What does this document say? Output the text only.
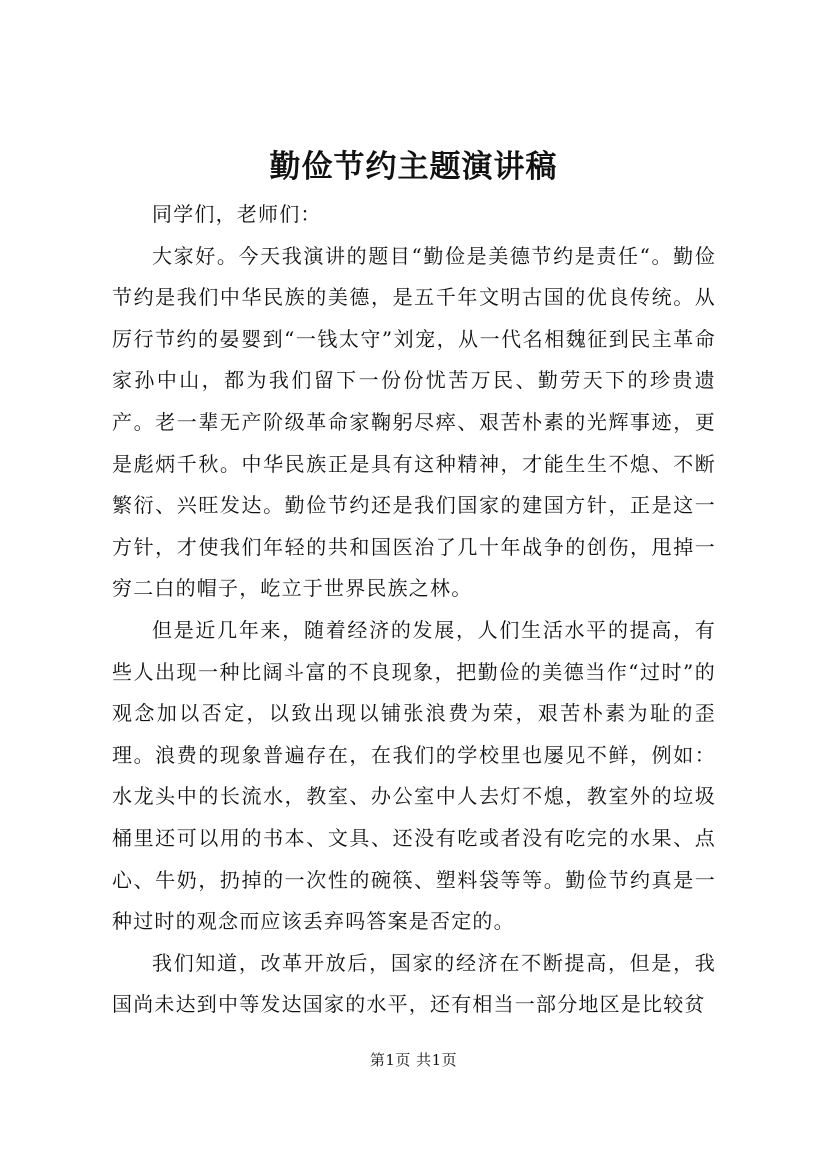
勤俭节约主题演讲稿

同学们，老师们：

大家好。今天我演讲的题目“勤俭是美德节约是责任“。勤俭节约是我们中华民族的美德，是五千年文明古国的优良传统。从厉行节约的晏婴到“一钱太守”刘宠，从一代名相魏征到民主革命家孙中山，都为我们留下一份份忧苦万民、勤劳天下的珍贵遗产。老一辈无产阶级革命家鞠躬尽瘁、艰苦朴素的光辉事迹，更是彪炳千秋。中华民族正是具有这种精神，才能生生不熄、不断繁衍、兴旺发达。勤俭节约还是我们国家的建国方针，正是这一方针，才使我们年轻的共和国医治了几十年战争的创伤，甩掉一穷二白的帽子，屹立于世界民族之林。

但是近几年来，随着经济的发展，人们生活水平的提高，有些人出现一种比阔斗富的不良现象，把勤俭的美德当作“过时”的观念加以否定，以致出现以铺张浪费为荣，艰苦朴素为耻的歪理。浪费的现象普遍存在，在我们的学校里也屡见不鲜，例如：水龙头中的长流水，教室、办公室中人去灯不熄，教室外的垃圾桶里还可以用的书本、文具、还没有吃或者没有吃完的水果、点心、牛奶，扔掉的一次性的碗筷、塑料袋等等。勤俭节约真是一种过时的观念而应该丢弃吗答案是否定的。

我们知道，改革开放后，国家的经济在不断提高，但是，我国尚未达到中等发达国家的水平，还有相当一部分地区是比较贫

第1页 共1页
